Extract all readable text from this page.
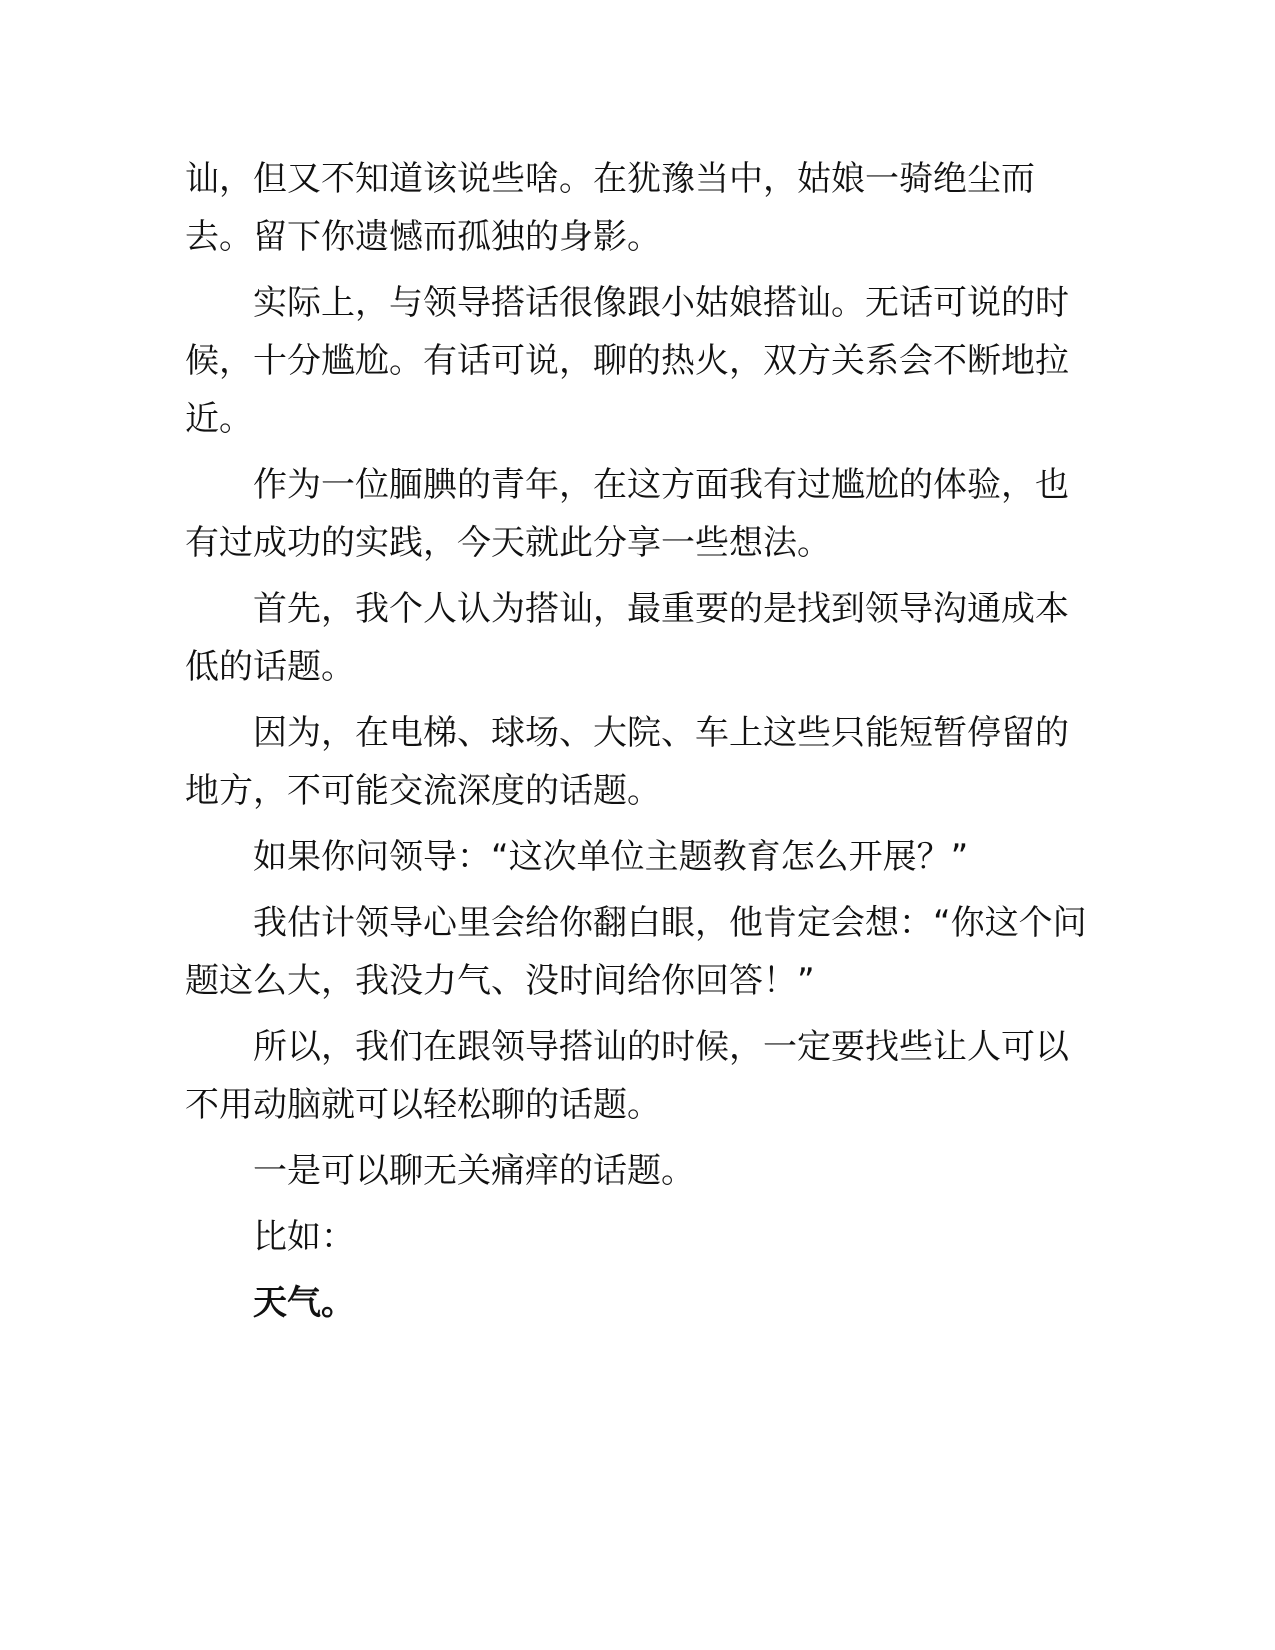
讪，但又不知道该说些啥。在犹豫当中，姑娘一骑绝尘而去。留下你遗憾而孤独的身影。

实际上，与领导搭话很像跟小姑娘搭讪。无话可说的时候，十分尴尬。有话可说，聊的热火，双方关系会不断地拉近。

作为一位腼腆的青年，在这方面我有过尴尬的体验，也有过成功的实践，今天就此分享一些想法。

首先，我个人认为搭讪，最重要的是找到领导沟通成本低的话题。

因为，在电梯、球场、大院、车上这些只能短暂停留的地方，不可能交流深度的话题。

如果你问领导：“这次单位主题教育怎么开展？”

我估计领导心里会给你翻白眼，他肯定会想：“你这个问题这么大，我没力气、没时间给你回答！”

所以，我们在跟领导搭讪的时候，一定要找些让人可以不用动脑就可以轻松聊的话题。

一是可以聊无关痛痒的话题。

比如：

天气。
